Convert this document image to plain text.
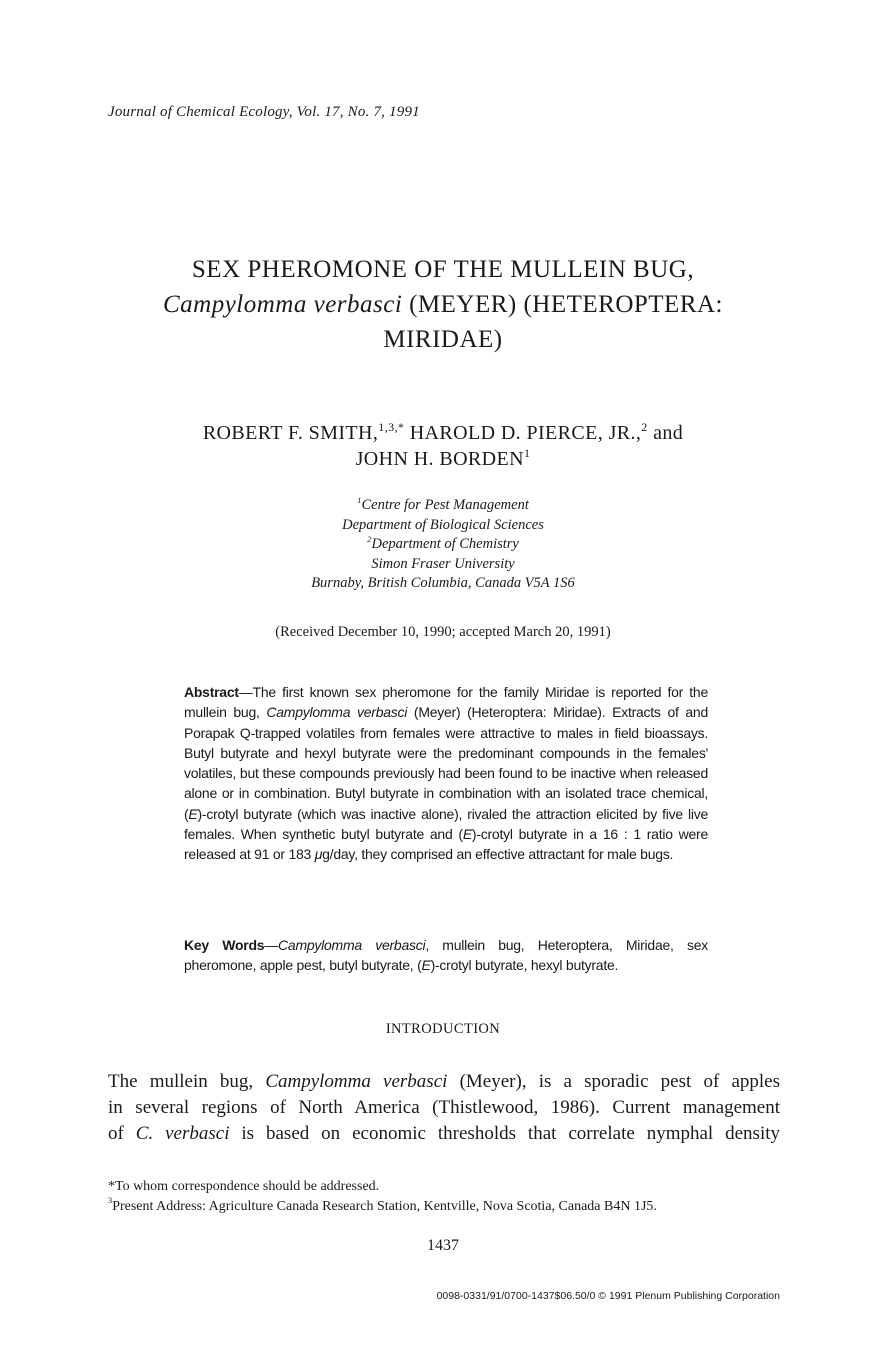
Journal of Chemical Ecology, Vol. 17, No. 7, 1991
SEX PHEROMONE OF THE MULLEIN BUG,
Campylomma verbasci (MEYER) (HETEROPTERA:
MIRIDAE)
ROBERT F. SMITH,$^{1,3,*}$ HAROLD D. PIERCE, JR.,$^2$ and
JOHN H. BORDEN$^1$
$^1$Centre for Pest Management
Department of Biological Sciences
$^2$Department of Chemistry
Simon Fraser University
Burnaby, British Columbia, Canada V5A 1S6
(Received December 10, 1990; accepted March 20, 1991)
Abstract—The first known sex pheromone for the family Miridae is reported for the mullein bug, Campylomma verbasci (Meyer) (Heteroptera: Miridae). Extracts of and Porapak Q-trapped volatiles from females were attractive to males in field bioassays. Butyl butyrate and hexyl butyrate were the predominant compounds in the females' volatiles, but these compounds previously had been found to be inactive when released alone or in combination. Butyl butyrate in combination with an isolated trace chemical, (E)-crotyl butyrate (which was inactive alone), rivaled the attraction elicited by five live females. When synthetic butyl butyrate and (E)-crotyl butyrate in a 16 : 1 ratio were released at 91 or 183 μg/day, they comprised an effective attractant for male bugs.
Key Words—Campylomma verbasci, mullein bug, Heteroptera, Miridae, sex pheromone, apple pest, butyl butyrate, (E)-crotyl butyrate, hexyl butyrate.
INTRODUCTION
The mullein bug, Campylomma verbasci (Meyer), is a sporadic pest of apples
in several regions of North America (Thistlewood, 1986). Current management
of C. verbasci is based on economic thresholds that correlate nymphal density
*To whom correspondence should be addressed.
$^3$Present Address: Agriculture Canada Research Station, Kentville, Nova Scotia, Canada B4N 1J5.
1437
0098-0331/91/0700-1437$06.50/0 © 1991 Plenum Publishing Corporation
